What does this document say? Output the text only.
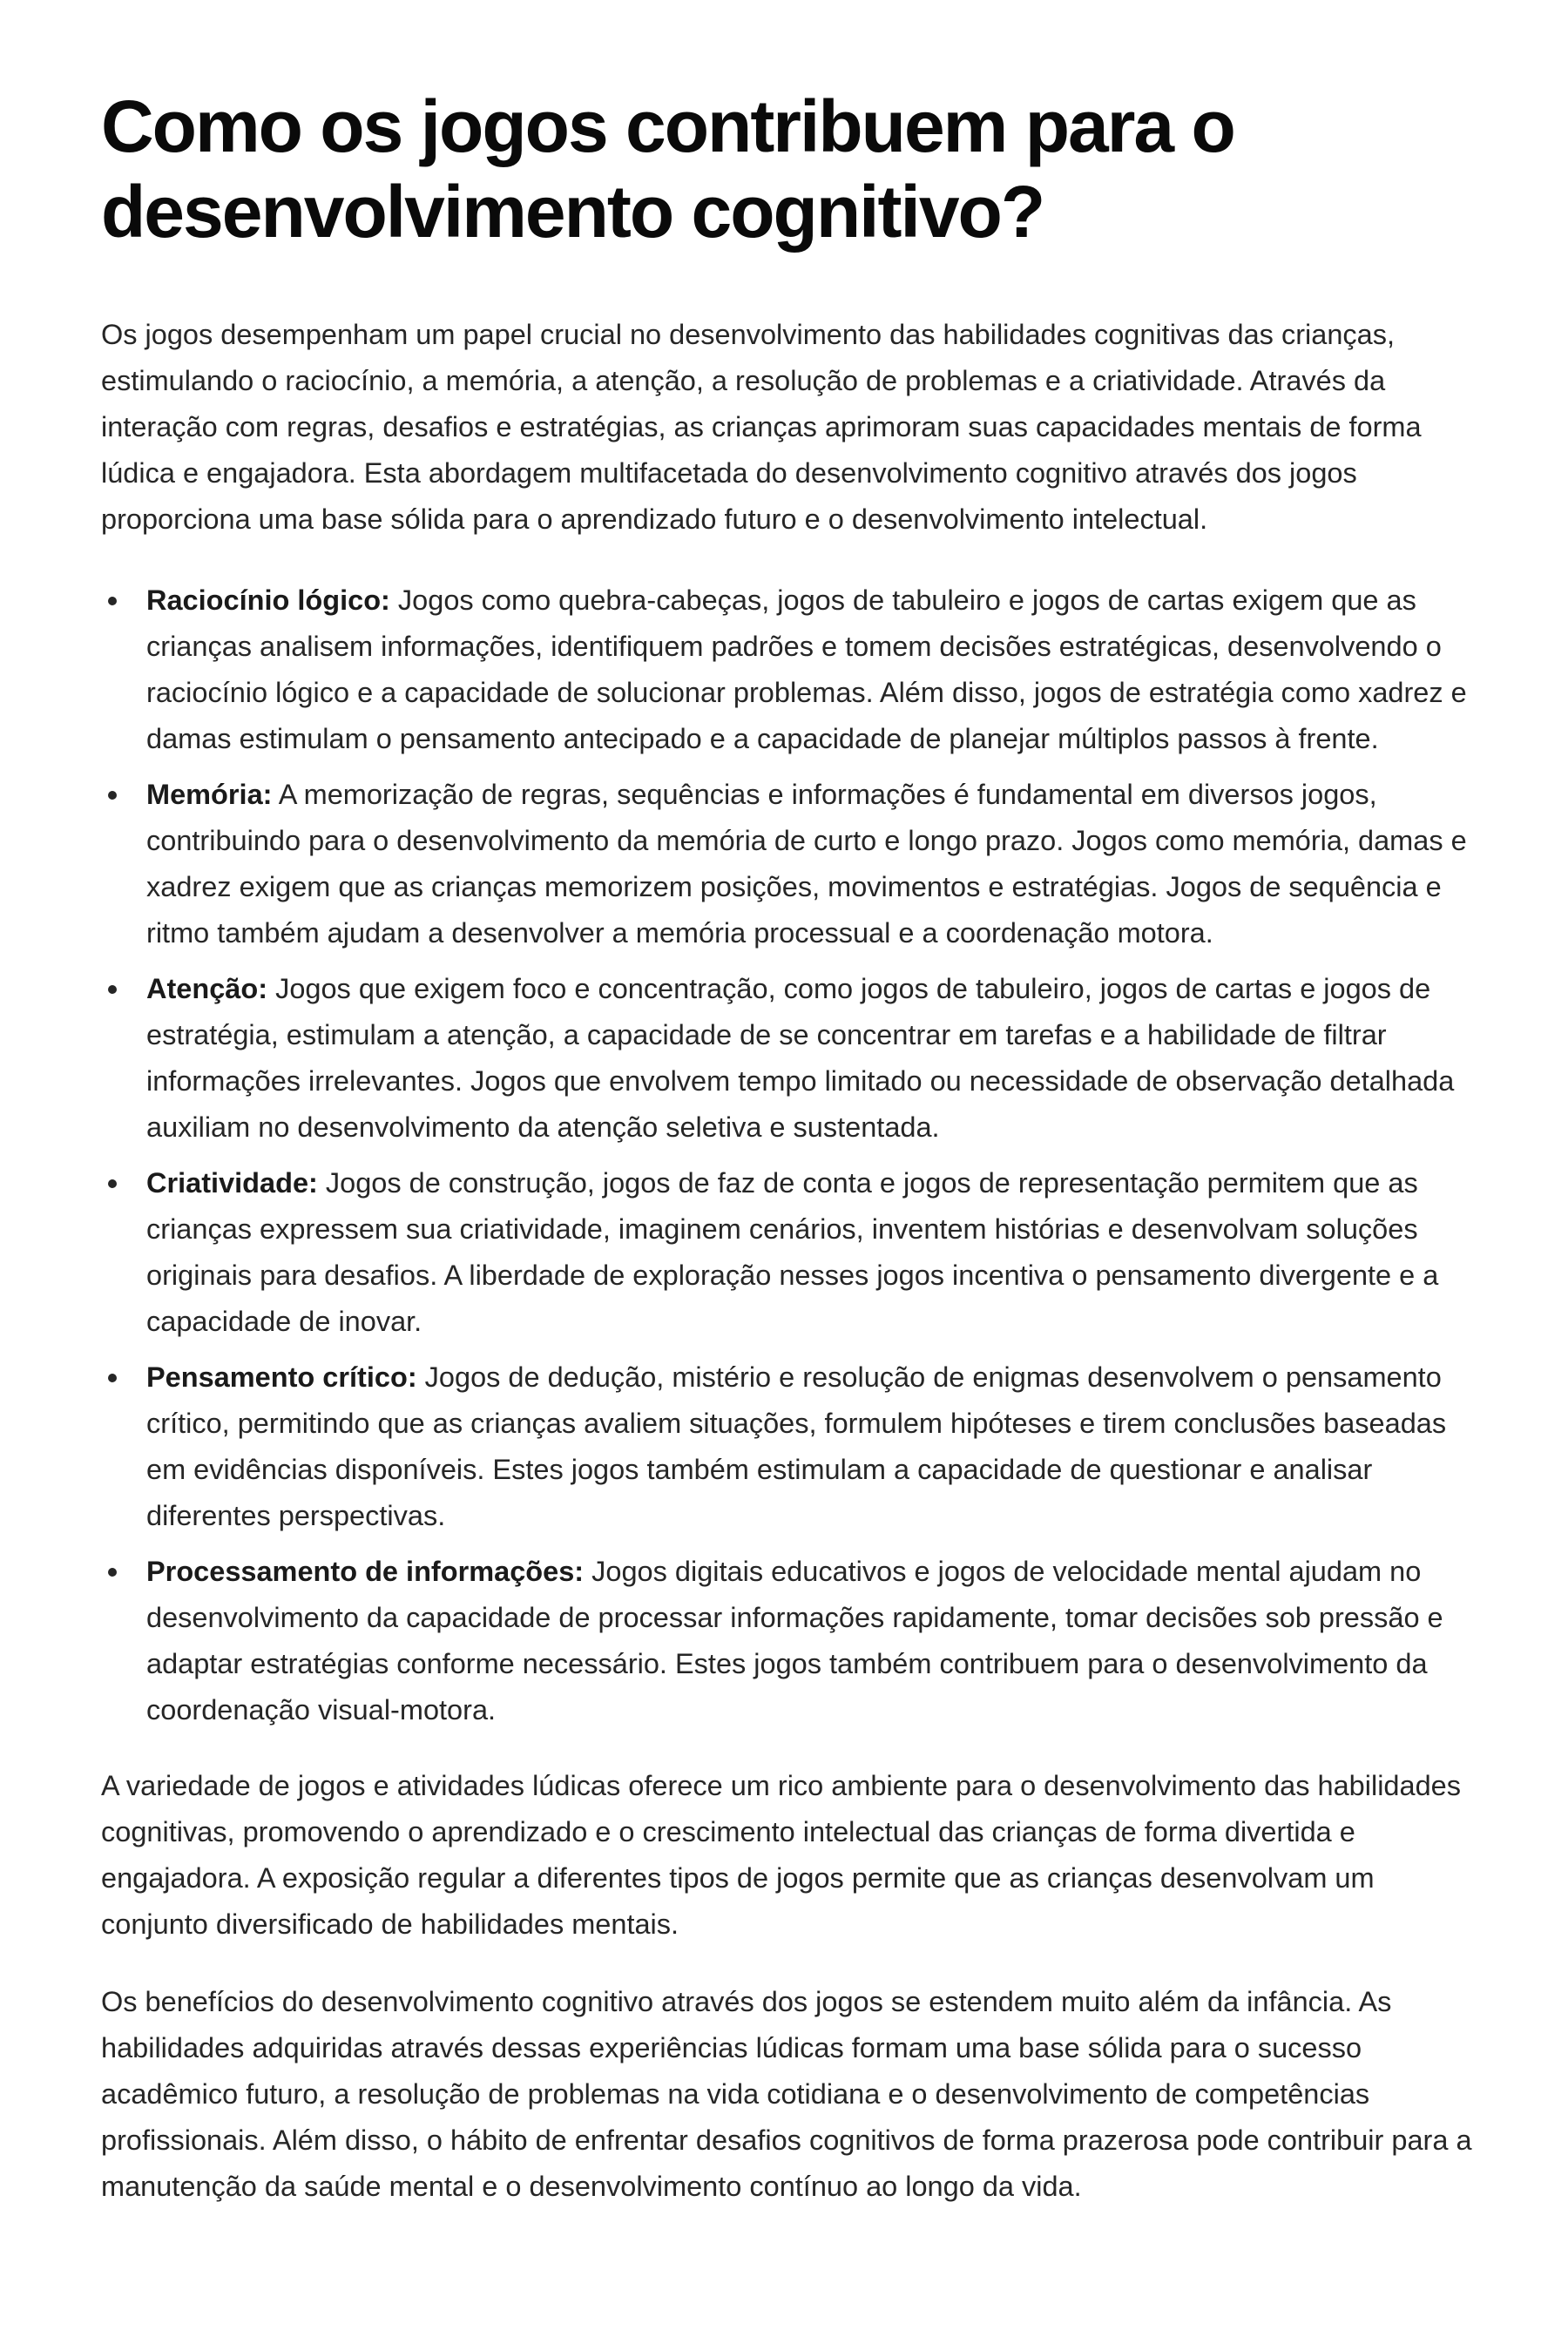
Como os jogos contribuem para o desenvolvimento cognitivo?

Os jogos desempenham um papel crucial no desenvolvimento das habilidades cognitivas das crianças, estimulando o raciocínio, a memória, a atenção, a resolução de problemas e a criatividade. Através da interação com regras, desafios e estratégias, as crianças aprimoram suas capacidades mentais de forma lúdica e engajadora. Esta abordagem multifacetada do desenvolvimento cognitivo através dos jogos proporciona uma base sólida para o aprendizado futuro e o desenvolvimento intelectual.

Raciocínio lógico: Jogos como quebra-cabeças, jogos de tabuleiro e jogos de cartas exigem que as crianças analisem informações, identifiquem padrões e tomem decisões estratégicas, desenvolvendo o raciocínio lógico e a capacidade de solucionar problemas. Além disso, jogos de estratégia como xadrez e damas estimulam o pensamento antecipado e a capacidade de planejar múltiplos passos à frente.
Memória: A memorização de regras, sequências e informações é fundamental em diversos jogos, contribuindo para o desenvolvimento da memória de curto e longo prazo. Jogos como memória, damas e xadrez exigem que as crianças memorizem posições, movimentos e estratégias. Jogos de sequência e ritmo também ajudam a desenvolver a memória processual e a coordenação motora.
Atenção: Jogos que exigem foco e concentração, como jogos de tabuleiro, jogos de cartas e jogos de estratégia, estimulam a atenção, a capacidade de se concentrar em tarefas e a habilidade de filtrar informações irrelevantes. Jogos que envolvem tempo limitado ou necessidade de observação detalhada auxiliam no desenvolvimento da atenção seletiva e sustentada.
Criatividade: Jogos de construção, jogos de faz de conta e jogos de representação permitem que as crianças expressem sua criatividade, imaginem cenários, inventem histórias e desenvolvam soluções originais para desafios. A liberdade de exploração nesses jogos incentiva o pensamento divergente e a capacidade de inovar.
Pensamento crítico: Jogos de dedução, mistério e resolução de enigmas desenvolvem o pensamento crítico, permitindo que as crianças avaliem situações, formulem hipóteses e tirem conclusões baseadas em evidências disponíveis. Estes jogos também estimulam a capacidade de questionar e analisar diferentes perspectivas.
Processamento de informações: Jogos digitais educativos e jogos de velocidade mental ajudam no desenvolvimento da capacidade de processar informações rapidamente, tomar decisões sob pressão e adaptar estratégias conforme necessário. Estes jogos também contribuem para o desenvolvimento da coordenação visual-motora.

A variedade de jogos e atividades lúdicas oferece um rico ambiente para o desenvolvimento das habilidades cognitivas, promovendo o aprendizado e o crescimento intelectual das crianças de forma divertida e engajadora. A exposição regular a diferentes tipos de jogos permite que as crianças desenvolvam um conjunto diversificado de habilidades mentais.

Os benefícios do desenvolvimento cognitivo através dos jogos se estendem muito além da infância. As habilidades adquiridas através dessas experiências lúdicas formam uma base sólida para o sucesso acadêmico futuro, a resolução de problemas na vida cotidiana e o desenvolvimento de competências profissionais. Além disso, o hábito de enfrentar desafios cognitivos de forma prazerosa pode contribuir para a manutenção da saúde mental e o desenvolvimento contínuo ao longo da vida.
